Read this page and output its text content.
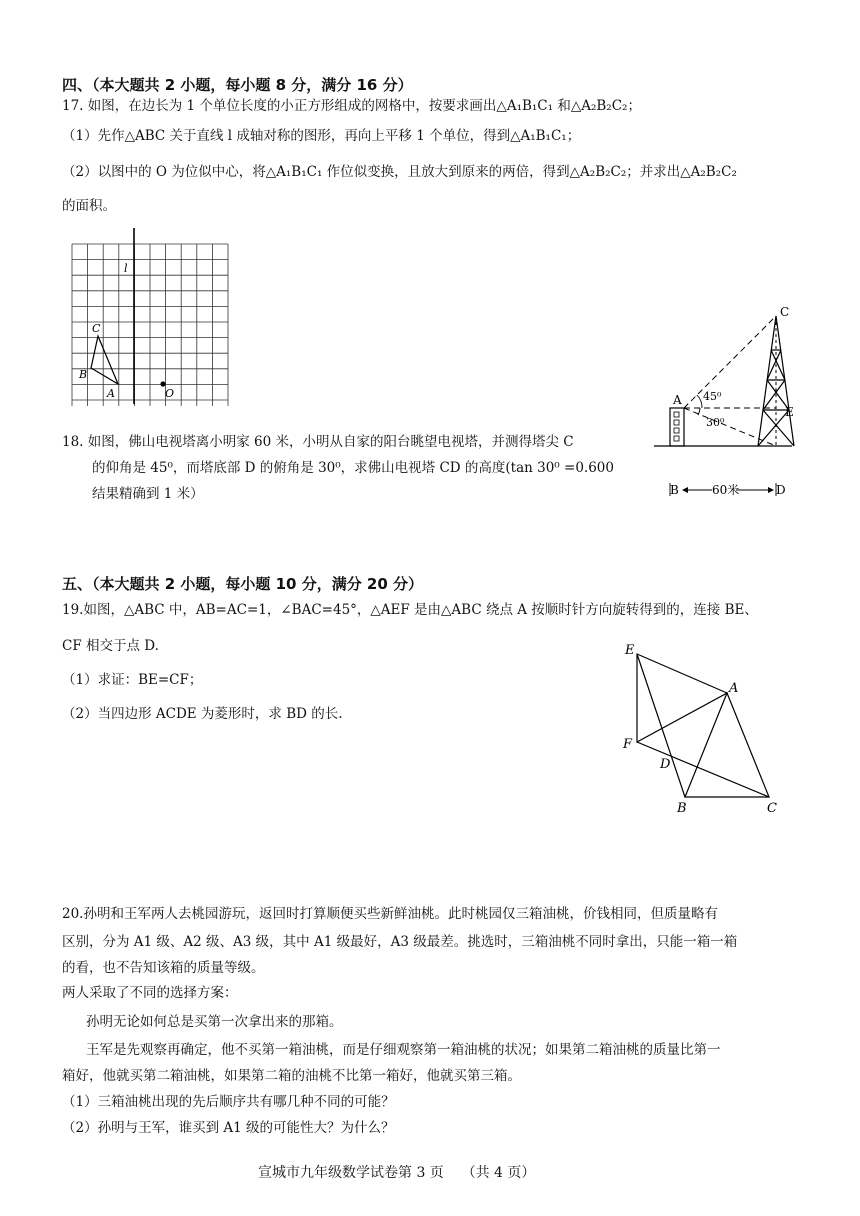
四、（本大题共 2 小题，每小题 8 分，满分 16 分）
17. 如图，在边长为 1 个单位长度的小正方形组成的网格中，按要求画出△A₁B₁C₁ 和△A₂B₂C₂；
（1）先作△ABC 关于直线 l 成轴对称的图形，再向上平移 1 个单位，得到△A₁B₁C₁；
（2）以图中的 O 为位似中心，将△A₁B₁C₁ 作位似变换，且放大到原来的两倍，得到△A₂B₂C₂；并求出△A₂B₂C₂
的面积。
l
C
B
A	O
18. 如图，佛山电视塔离小明家 60 米，小明从自家的阳台眺望电视塔，并测得塔尖 C
的仰角是 45⁰，而塔底部 D 的俯角是 30⁰，求佛山电视塔 CD 的高度(tan 30⁰ =0.600
结果精确到 1 米）
C
A
E
B	D
45⁰
30⁰
60米
五、（本大题共 2 小题，每小题 10 分，满分 20 分）
19.如图，△ABC 中，AB=AC=1，∠BAC=45°，△AEF 是由△ABC 绕点 A 按顺时针方向旋转得到的，连接 BE、
CF 相交于点 D.
（1）求证：BE=CF；
（2）当四边形 ACDE 为菱形时，求 BD 的长.
E
A
F
D
B	C
20.孙明和王军两人去桃园游玩，返回时打算顺便买些新鲜油桃。此时桃园仅三箱油桃，价钱相同，但质量略有
区别，分为 A1 级、A2 级、A3 级，其中 A1 级最好，A3 级最差。挑选时，三箱油桃不同时拿出，只能一箱一箱
的看，也不告知该箱的质量等级。
两人采取了不同的选择方案：
孙明无论如何总是买第一次拿出来的那箱。
王军是先观察再确定，他不买第一箱油桃，而是仔细观察第一箱油桃的状况；如果第二箱油桃的质量比第一
箱好，他就买第二箱油桃，如果第二箱的油桃不比第一箱好，他就买第三箱。
（1）三箱油桃出现的先后顺序共有哪几种不同的可能？
（2）孙明与王军，谁买到 A1 级的可能性大？为什么？
宣城市九年级数学试卷第 3 页    （共 4 页）
